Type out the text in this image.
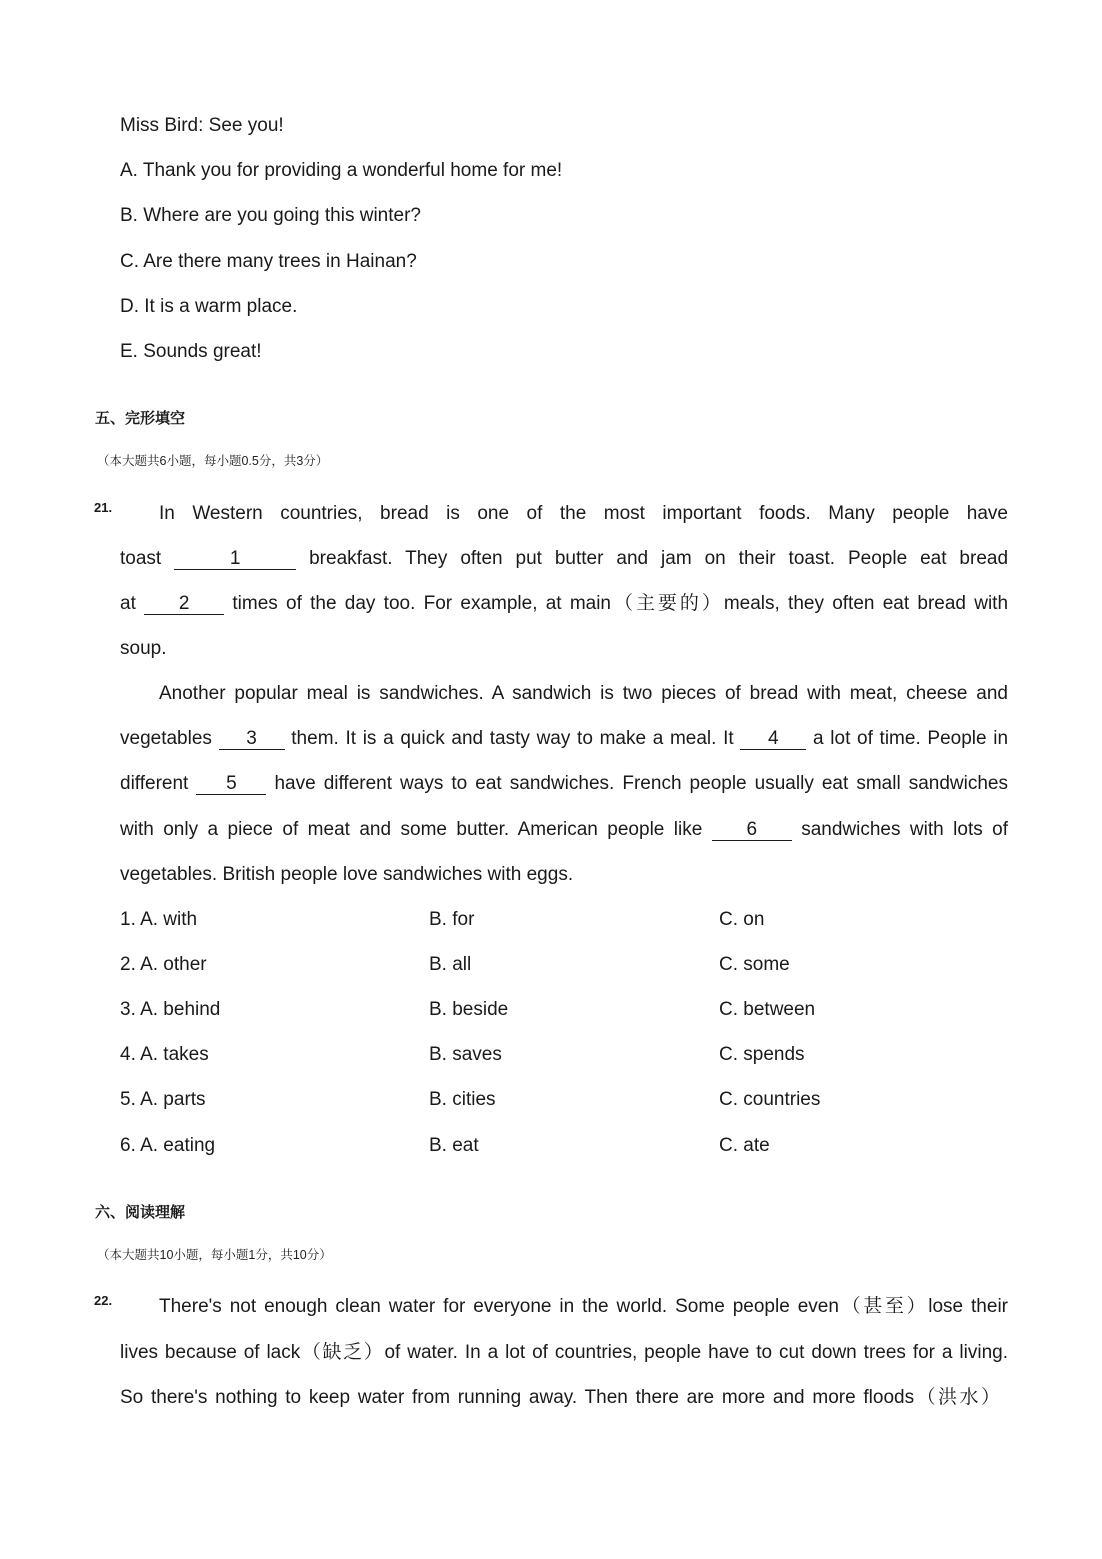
Miss Bird: See you!
A. Thank you for providing a wonderful home for me!
B. Where are you going this winter?
C. Are there many trees in Hainan?
D. It is a warm place.
E. Sounds great!
五、完形填空
（本大题共6小题，每小题0.5分，共3分）
21. In Western countries, bread is one of the most important foods. Many people have
toast	1	breakfast. They often put butter and jam on their toast. People eat bread
at 2 times of the day too. For example, at main（主要的）meals, they often eat bread with
soup.
Another popular meal is sandwiches. A sandwich is two pieces of bread with meat, cheese and
vegetables 3 them. It is a quick and tasty way to make a meal. It 4 a lot of time. People in
different 5 have different ways to eat sandwiches. French people usually eat small sandwiches
with only a piece of meat and some butter. American people like 6 sandwiches with lots of
vegetables. British people love sandwiches with eggs.
1. A. with	B. for	C. on
2. A. other	B. all	C. some
3. A. behind	B. beside	C. between
4. A. takes	B. saves	C. spends
5. A. parts	B. cities	C. countries
6. A. eating	B. eat	C. ate
六、阅读理解
（本大题共10小题，每小题1分，共10分）
22. There's not enough clean water for everyone in the world. Some people even（甚至）lose their
lives because of lack（缺乏）of water. In a lot of countries, people have to cut down trees for a living.
So there's nothing to keep water from running away. Then there are more and more floods（洪水）
